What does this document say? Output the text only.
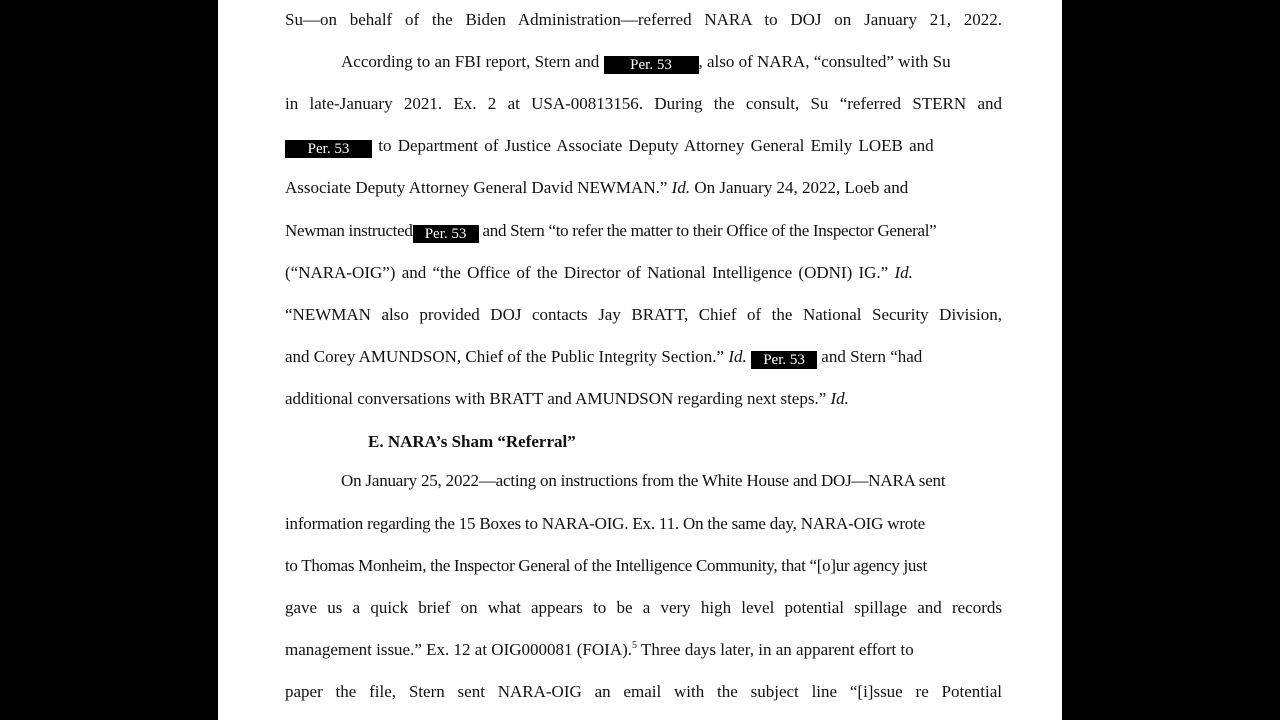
Su—on behalf of the Biden Administration—referred NARA to DOJ on January 21, 2022.
According to an FBI report, Stern and Per. 53 , also of NARA, “consulted” with Su
in late-January 2021. Ex. 2 at USA-00813156. During the consult, Su “referred STERN and
Per. 53 to Department of Justice Associate Deputy Attorney General Emily LOEB and
Associate Deputy Attorney General David NEWMAN.” Id. On January 24, 2022, Loeb and
Newman instructed Per. 53 and Stern “to refer the matter to their Office of the Inspector General”
(“NARA-OIG”) and “the Office of the Director of National Intelligence (ODNI) IG.” Id.
“NEWMAN also provided DOJ contacts Jay BRATT, Chief of the National Security Division,
and Corey AMUNDSON, Chief of the Public Integrity Section.” Id. Per. 53 and Stern “had
additional conversations with BRATT and AMUNDSON regarding next steps.” Id.
E. NARA’s Sham “Referral”
On January 25, 2022—acting on instructions from the White House and DOJ—NARA sent
information regarding the 15 Boxes to NARA-OIG. Ex. 11. On the same day, NARA-OIG wrote
to Thomas Monheim, the Inspector General of the Intelligence Community, that “[o]ur agency just
gave us a quick brief on what appears to be a very high level potential spillage and records
management issue.” Ex. 12 at OIG000081 (FOIA).$^5$ Three days later, in an apparent effort to
paper the file, Stern sent NARA-OIG an email with the subject line “[i]ssue re Potential
